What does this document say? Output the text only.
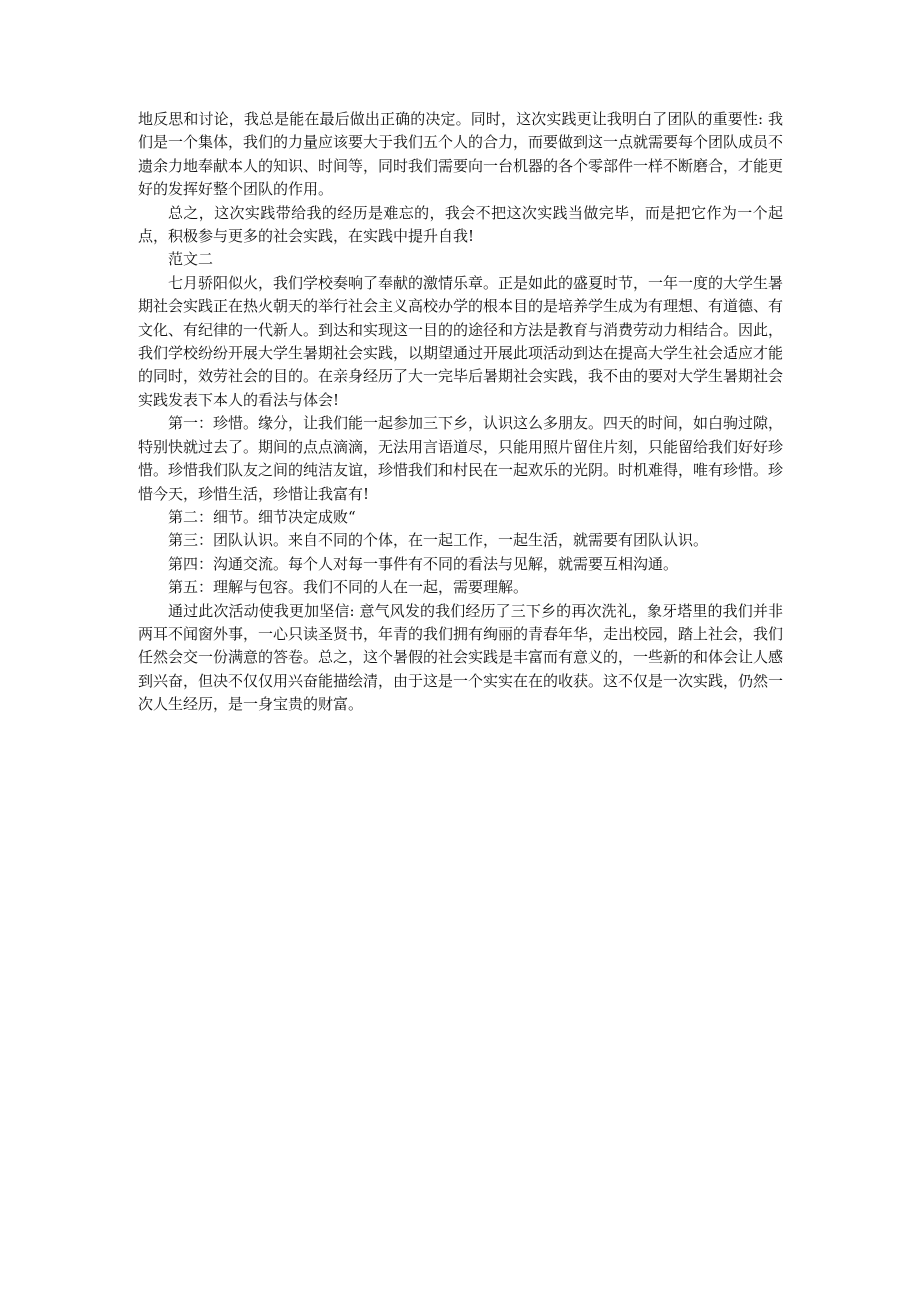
地反思和讨论，我总是能在最后做出正确的决定。同时，这次实践更让我明白了团队的重要性: 我们是一个集体，我们的力量应该要大于我们五个人的合力，而要做到这一点就需要每个团队成员不遗余力地奉献本人的知识、时间等，同时我们需要向一台机器的各个零部件一样不断磨合，才能更好的发挥好整个团队的作用。

总之，这次实践带给我的经历是难忘的，我会不把这次实践当做完毕，而是把它作为一个起点，积极参与更多的社会实践，在实践中提升自我!

范文二

七月骄阳似火，我们学校奏响了奉献的激情乐章。正是如此的盛夏时节，一年一度的大学生暑期社会实践正在热火朝天的举行社会主义高校办学的根本目的是培养学生成为有理想、有道德、有文化、有纪律的一代新人。到达和实现这一目的的途径和方法是教育与消费劳动力相结合。因此，我们学校纷纷开展大学生暑期社会实践，以期望通过开展此项活动到达在提高大学生社会适应才能的同时，效劳社会的目的。在亲身经历了大一完毕后暑期社会实践，我不由的要对大学生暑期社会实践发表下本人的看法与体会!

第一：珍惜。缘分，让我们能一起参加三下乡，认识这么多朋友。四天的时间，如白驹过隙，特别快就过去了。期间的点点滴滴，无法用言语道尽，只能用照片留住片刻，只能留给我们好好珍惜。珍惜我们队友之间的纯洁友谊，珍惜我们和村民在一起欢乐的光阴。时机难得，唯有珍惜。珍惜今天，珍惜生活，珍惜让我富有!

第二：细节。细节决定成败“

第三：团队认识。来自不同的个体，在一起工作，一起生活，就需要有团队认识。

第四：沟通交流。每个人对每一事件有不同的看法与见解，就需要互相沟通。

第五：理解与包容。我们不同的人在一起，需要理解。

通过此次活动使我更加坚信: 意气风发的我们经历了三下乡的再次洗礼，象牙塔里的我们并非两耳不闻窗外事，一心只读圣贤书，年青的我们拥有绚丽的青春年华，走出校园，踏上社会，我们任然会交一份满意的答卷。总之，这个暑假的社会实践是丰富而有意义的，一些新的和体会让人感到兴奋，但决不仅仅用兴奋能描绘清，由于这是一个实实在在的收获。这不仅是一次实践，仍然一次人生经历，是一身宝贵的财富。
